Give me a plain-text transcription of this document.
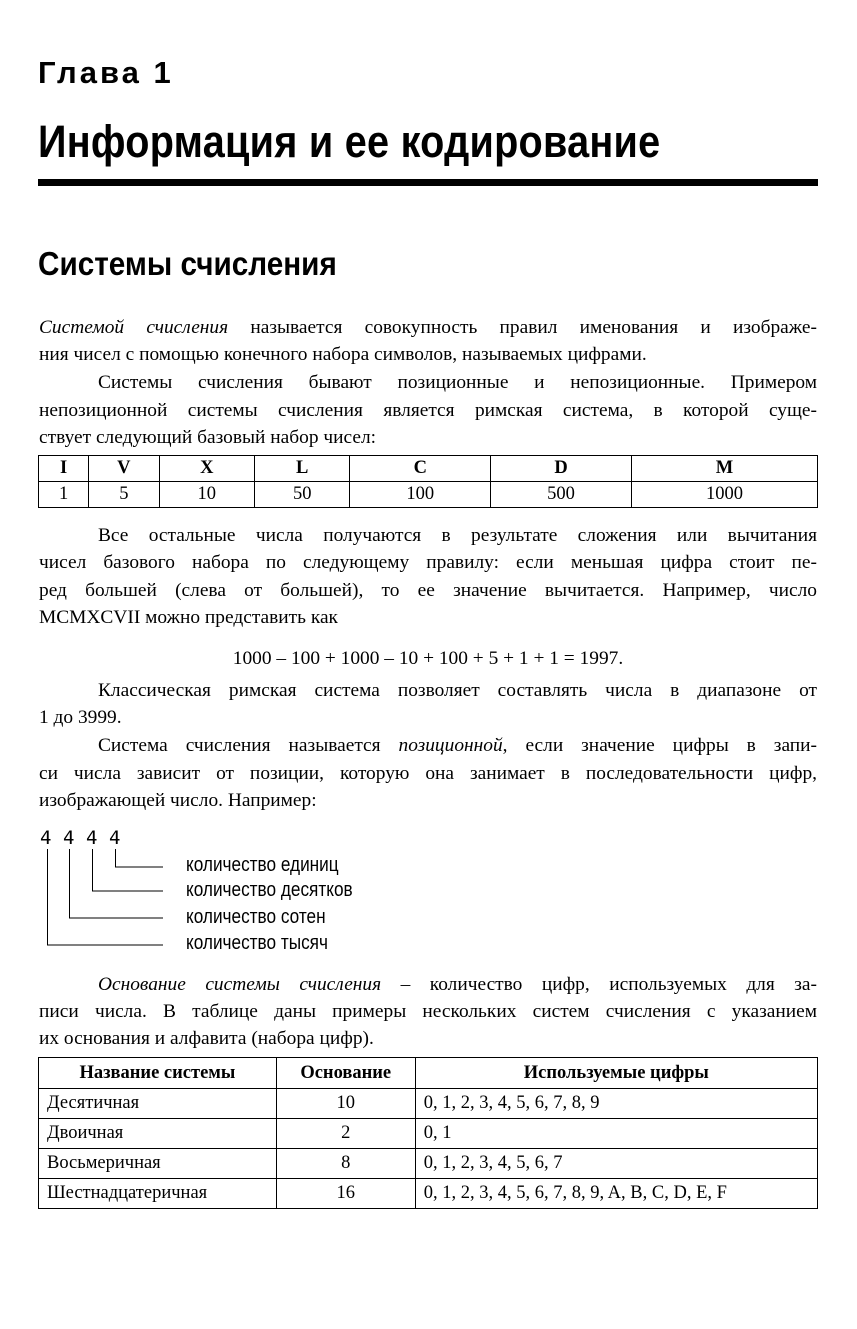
Глава 1
Информация и ее кодирование
Системы счисления
Системой счисления называется совокупность правил именования и изображе-
ния чисел с помощью конечного набора символов, называемых цифрами.
Системы счисления бывают позиционные и непозиционные. Примером
непозиционной системы счисления является римская система, в которой суще-
ствует следующий базовый набор чисел:
I	V	X	L	C	D	M
1	5	10	50	100	500	1000
Все остальные числа получаются в результате сложения или вычитания
чисел базового набора по следующему правилу: если меньшая цифра стоит пе-
ред большей (слева от большей), то ее значение вычитается. Например, число
MCMXCVII можно представить как
1000 – 100 + 1000 – 10 + 100 + 5 + 1 + 1 = 1997.
Классическая римская система позволяет составлять числа в диапазоне от
1 до 3999.
Система счисления называется позиционной, если значение цифры в запи-
си числа зависит от позиции, которую она занимает в последовательности цифр,
изображающей число. Например:
4 4 4 4
количество единиц
количество десятков
количество сотен
количество тысяч
Основание системы счисления – количество цифр, используемых для за-
писи числа. В таблице даны примеры нескольких систем счисления с указанием
их основания и алфавита (набора цифр).
Название системы	Основание	Используемые цифры
Десятичная	10	0, 1, 2, 3, 4, 5, 6, 7, 8, 9
Двоичная	2	0, 1
Восьмеричная	8	0, 1, 2, 3, 4, 5, 6, 7
Шестнадцатеричная	16	0, 1, 2, 3, 4, 5, 6, 7, 8, 9, A, B, C, D, E, F
